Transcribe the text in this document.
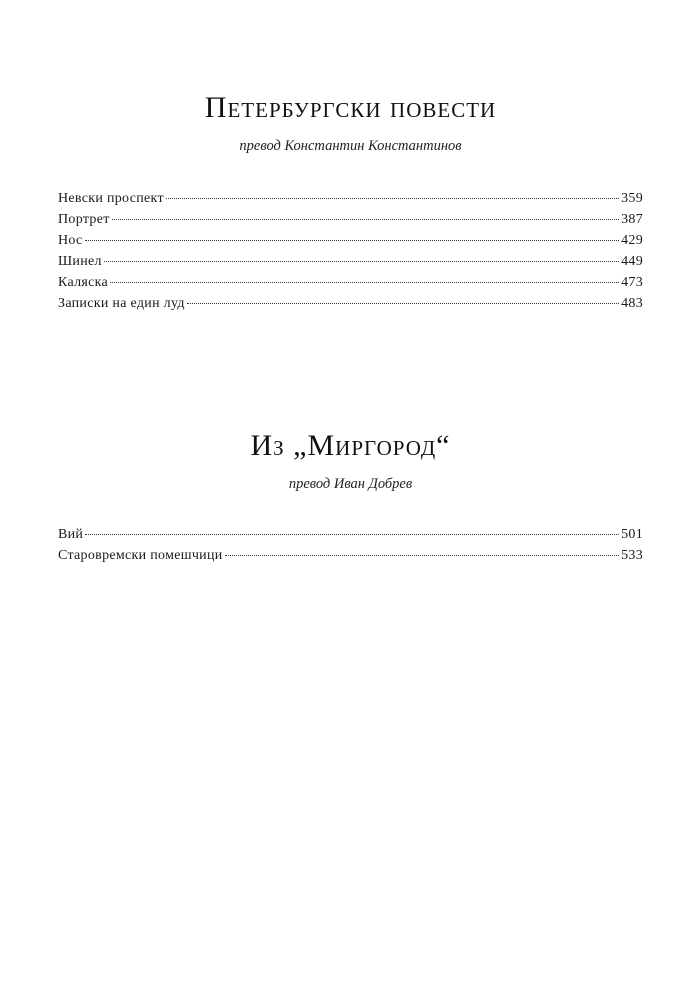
Петербургски повести
превод Константин Константинов
Невски проспект	359
Портрет	387
Нос	429
Шинел	449
Каляска	473
Записки на един луд	483
Из „Миргород“
превод Иван Добрев
Вий	501
Старовремски помешчици	533
